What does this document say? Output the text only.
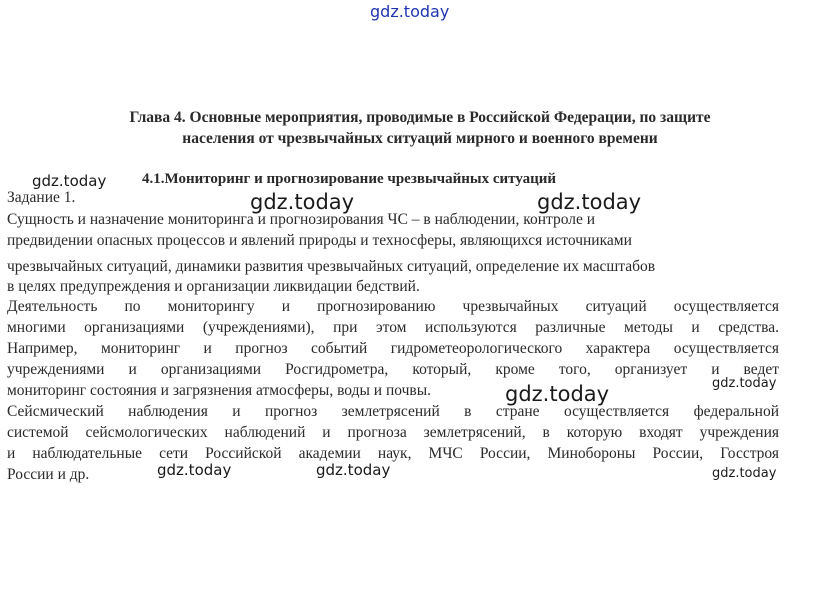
gdz.today
Глава 4. Основные мероприятия, проводимые в Российской Федерации, по защите
населения от чрезвычайных ситуаций мирного и военного времени
gdz.today 4.1.Мониторинг и прогнозирование чрезвычайных ситуаций
Задание 1.	gdz.today	gdz.today
Сущность и назначение мониторинга и прогнозирования ЧС – в наблюдении, контроле и
предвидении опасных процессов и явлений природы и техносферы, являющихся источниками
чрезвычайных ситуаций, динамики развития чрезвычайных ситуаций, определение их масштабов
в целях предупреждения и организации ликвидации бедствий.
Деятельность по мониторингу и прогнозированию чрезвычайных ситуаций осуществляется
многими организациями (учреждениями), при этом используются различные методы и средства.
Например, мониторинг и прогноз событий гидрометеорологического характера осуществляется
учреждениями и организациями Росгидрометра, который, кроме того, организует и ведет
мониторинг состояния и загрязнения атмосферы, воды и почвы.	gdz.today	gdz.today
Сейсмический наблюдения и прогноз землетрясений в стране осуществляется федеральной
системой сейсмологических наблюдений и прогноза землетрясений, в которую входят учреждения
и наблюдательные сети Российской академии наук, МЧС России, Минобороны России, Госстроя
России и др.	gdz.today	gdz.today	gdz.today
